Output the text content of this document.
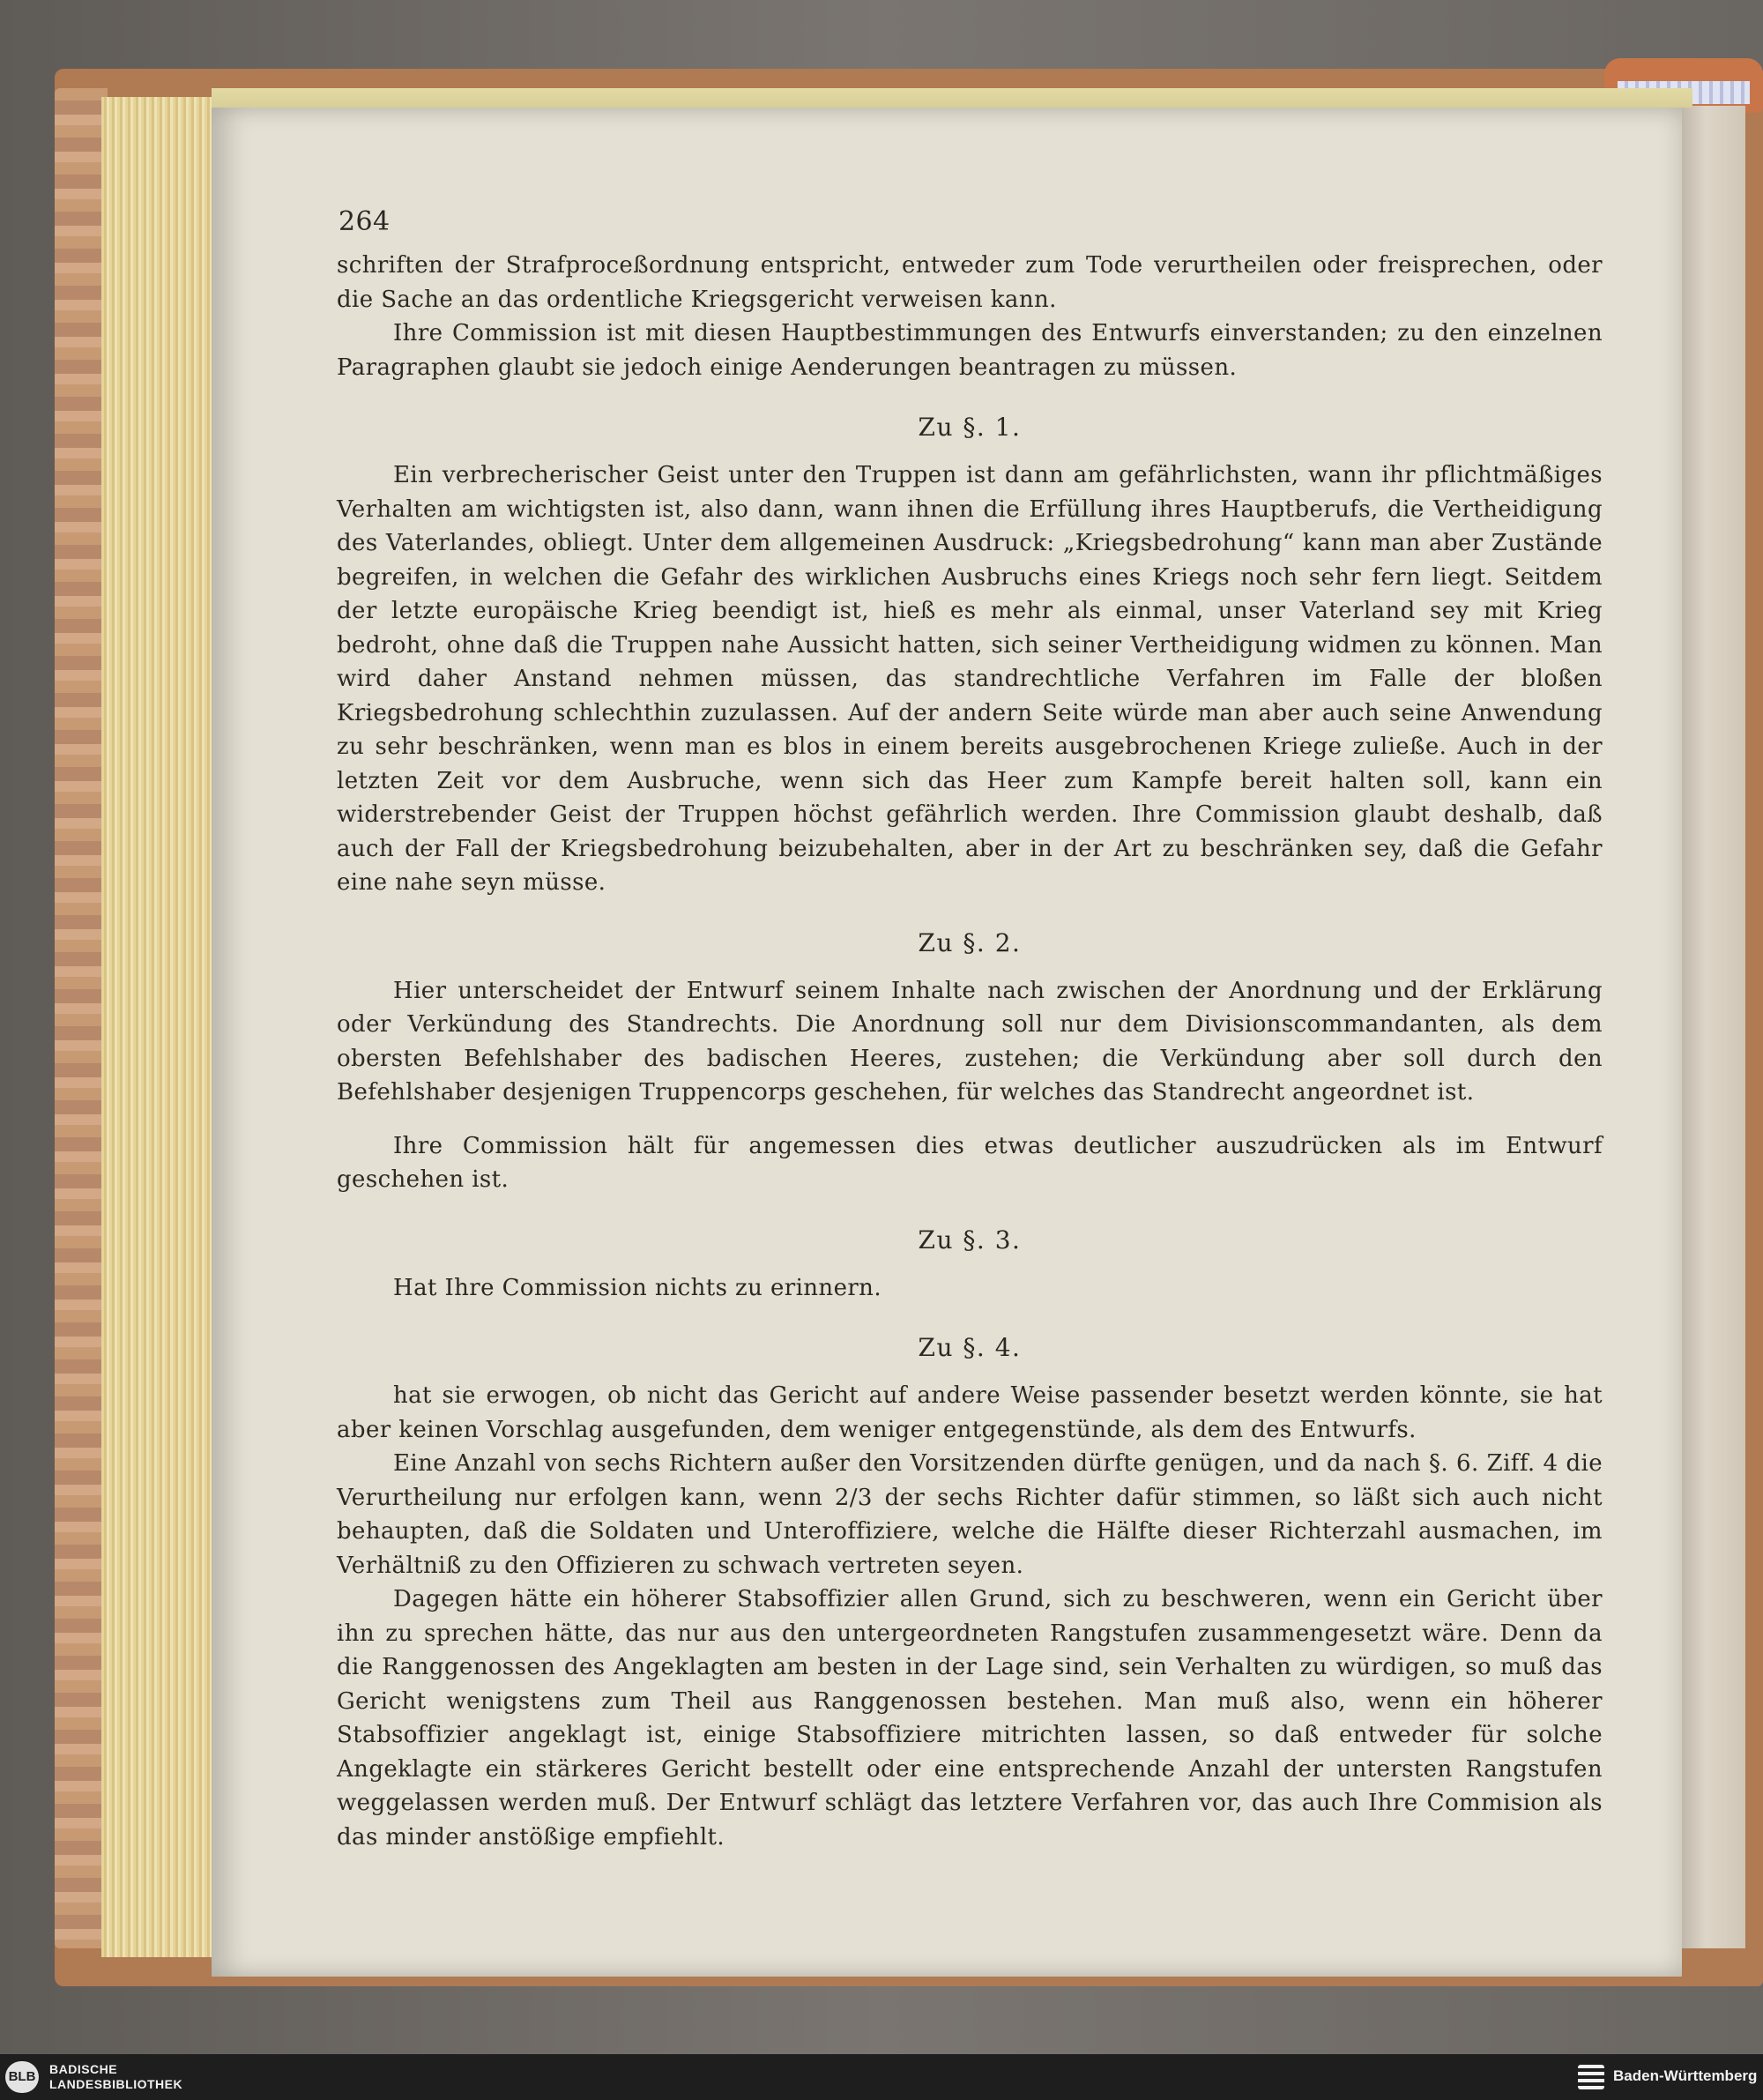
264

schriften der Strafproceßordnung entspricht, entweder zum Tode verurtheilen oder freisprechen, oder die Sache an das ordentliche Kriegsgericht verweisen kann.

Ihre Commission ist mit diesen Hauptbestimmungen des Entwurfs einverstanden; zu den einzelnen Paragraphen glaubt sie jedoch einige Aenderungen beantragen zu müssen.

Zu §. 1.

Ein verbrecherischer Geist unter den Truppen ist dann am gefährlichsten, wann ihr pflichtmäßiges Verhalten am wichtigsten ist, also dann, wann ihnen die Erfüllung ihres Hauptberufs, die Vertheidigung des Vaterlandes, obliegt. Unter dem allgemeinen Ausdruck: „Kriegsbedrohung“ kann man aber Zustände begreifen, in welchen die Gefahr des wirklichen Ausbruchs eines Kriegs noch sehr fern liegt. Seitdem der letzte europäische Krieg beendigt ist, hieß es mehr als einmal, unser Vaterland sey mit Krieg bedroht, ohne daß die Truppen nahe Aussicht hatten, sich seiner Vertheidigung widmen zu können. Man wird daher Anstand nehmen müssen, das standrechtliche Verfahren im Falle der bloßen Kriegsbedrohung schlechthin zuzulassen. Auf der andern Seite würde man aber auch seine Anwendung zu sehr beschränken, wenn man es blos in einem bereits ausgebrochenen Kriege zuließe. Auch in der letzten Zeit vor dem Ausbruche, wenn sich das Heer zum Kampfe bereit halten soll, kann ein widerstrebender Geist der Truppen höchst gefährlich werden. Ihre Commission glaubt deshalb, daß auch der Fall der Kriegsbedrohung beizubehalten, aber in der Art zu beschränken sey, daß die Gefahr eine nahe seyn müsse.

Zu §. 2.

Hier unterscheidet der Entwurf seinem Inhalte nach zwischen der Anordnung und der Erklärung oder Verkündung des Standrechts. Die Anordnung soll nur dem Divisionscommandanten, als dem obersten Befehlshaber des badischen Heeres, zustehen; die Verkündung aber soll durch den Befehlshaber desjenigen Truppencorps geschehen, für welches das Standrecht angeordnet ist.

Ihre Commission hält für angemessen dies etwas deutlicher auszudrücken als im Entwurf geschehen ist.

Zu §. 3.

Hat Ihre Commission nichts zu erinnern.

Zu §. 4.

hat sie erwogen, ob nicht das Gericht auf andere Weise passender besetzt werden könnte, sie hat aber keinen Vorschlag ausgefunden, dem weniger entgegenstünde, als dem des Entwurfs.

Eine Anzahl von sechs Richtern außer den Vorsitzenden dürfte genügen, und da nach §. 6. Ziff. 4 die Verurtheilung nur erfolgen kann, wenn 2/3 der sechs Richter dafür stimmen, so läßt sich auch nicht behaupten, daß die Soldaten und Unteroffiziere, welche die Hälfte dieser Richterzahl ausmachen, im Verhältniß zu den Offizieren zu schwach vertreten seyen.

Dagegen hätte ein höherer Stabsoffizier allen Grund, sich zu beschweren, wenn ein Gericht über ihn zu sprechen hätte, das nur aus den untergeordneten Rangstufen zusammengesetzt wäre. Denn da die Ranggenossen des Angeklagten am besten in der Lage sind, sein Verhalten zu würdigen, so muß das Gericht wenigstens zum Theil aus Ranggenossen bestehen. Man muß also, wenn ein höherer Stabsoffizier angeklagt ist, einige Stabsoffiziere mitrichten lassen, so daß entweder für solche Angeklagte ein stärkeres Gericht bestellt oder eine entsprechende Anzahl der untersten Rangstufen weggelassen werden muß. Der Entwurf schlägt das letztere Verfahren vor, das auch Ihre Commision als das minder anstößige empfiehlt.

BLB BADISCHE
LANDESBIBLIOTHEK	Baden-Württemberg
